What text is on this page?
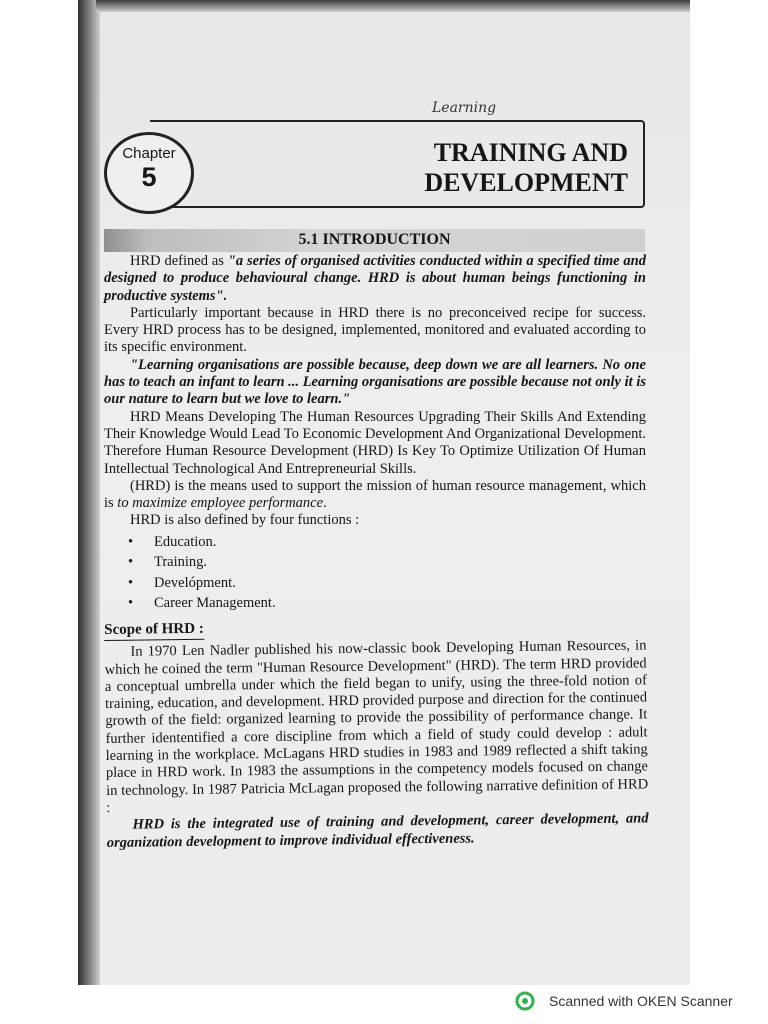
Learning
Chapter
5
TRAINING AND
DEVELOPMENT
5.1 INTRODUCTION

HRD defined as "a series of organised activities conducted within a specified time and designed to produce behavioural change. HRD is about human beings functioning in productive systems".

Particularly important because in HRD there is no preconceived recipe for success. Every HRD process has to be designed, implemented, monitored and evaluated according to its specific environment.

"Learning organisations are possible because, deep down we are all learners. No one has to teach an infant to learn ... Learning organisations are possible because not only it is our nature to learn but we love to learn."

HRD Means Developing The Human Resources Upgrading Their Skills And Extending Their Knowledge Would Lead To Economic Development And Organizational Development. Therefore Human Resource Development (HRD) Is Key To Optimize Utilization Of Human Intellectual Technological And Entrepreneurial Skills.

(HRD) is the means used to support the mission of human resource management, which is to maximize employee performance.

HRD is also defined by four functions :

• Education.
• Training.
• Develópment.
• Career Management.
Scope of HRD :

In 1970 Len Nadler published his now-classic book Developing Human Resources, in which he coined the term "Human Resource Development" (HRD). The term HRD provided a conceptual umbrella under which the field began to unify, using the three-fold notion of training, education, and development. HRD provided purpose and direction for the continued growth of the field: organized learning to provide the possibility of performance change. It further idententified a core discipline from which a field of study could develop : adult learning in the workplace. McLagans HRD studies in 1983 and 1989 reflected a shift taking place in HRD work. In 1983 the assumptions in the competency models focused on change in technology. In 1987 Patricia McLagan proposed the following narrative definition of HRD :

HRD is the integrated use of training and development, career development, and organization development to improve individual effectiveness.

Scanned with OKEN Scanner
